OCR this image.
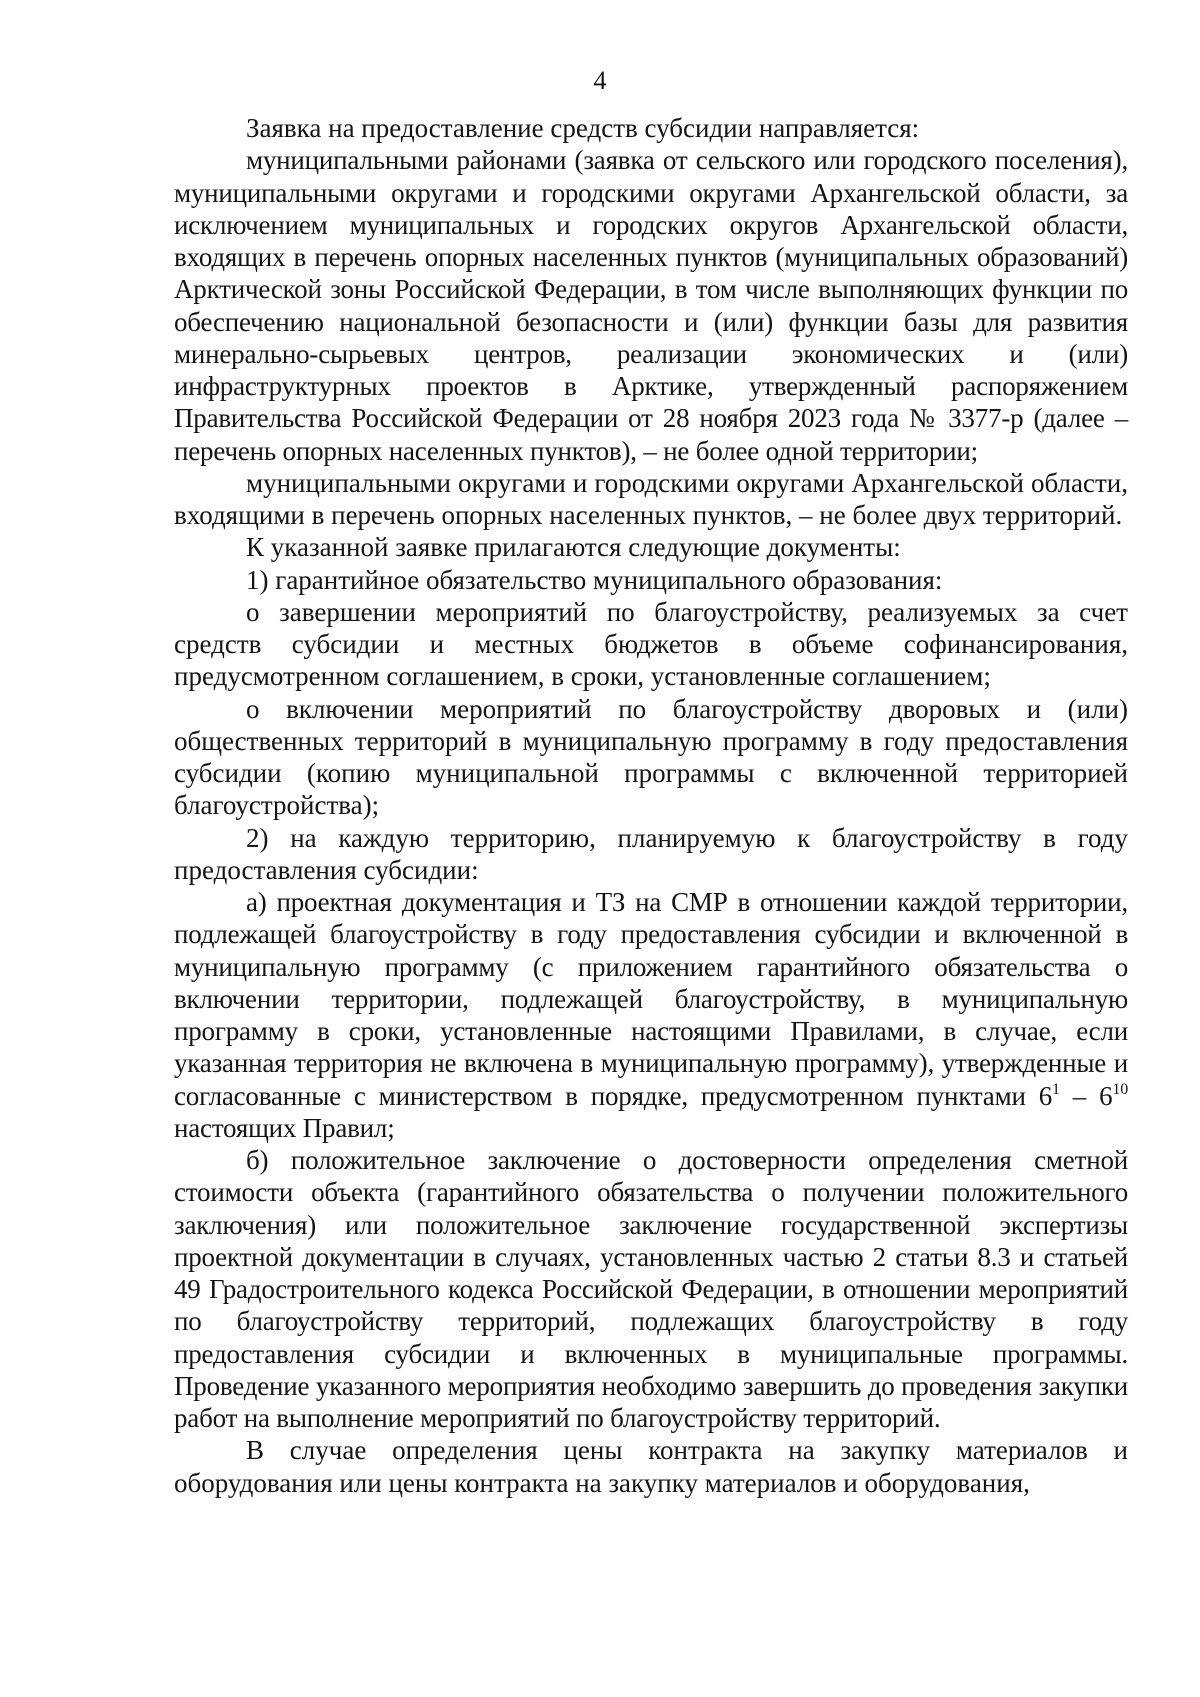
4

Заявка на предоставление средств субсидии направляется:

муниципальными районами (заявка от сельского или городского поселения), муниципальными округами и городскими округами Архангельской области, за исключением муниципальных и городских округов Архангельской области, входящих в перечень опорных населенных пунктов (муниципальных образований) Арктической зоны Российской Федерации, в том числе выполняющих функции по обеспечению национальной безопасности и (или) функции базы для развития минерально-сырьевых центров, реализации экономических и (или) инфраструктурных проектов в Арктике, утвержденный распоряжением Правительства Российской Федерации от 28 ноября 2023 года № 3377-р (далее – перечень опорных населенных пунктов), – не более одной территории;

муниципальными округами и городскими округами Архангельской области, входящими в перечень опорных населенных пунктов, – не более двух территорий.

К указанной заявке прилагаются следующие документы:

1) гарантийное обязательство муниципального образования:

о завершении мероприятий по благоустройству, реализуемых за счет средств субсидии и местных бюджетов в объеме софинансирования, предусмотренном соглашением, в сроки, установленные соглашением;

о включении мероприятий по благоустройству дворовых и (или) общественных территорий в муниципальную программу в году предоставления субсидии (копию муниципальной программы с включенной территорией благоустройства);

2) на каждую территорию, планируемую к благоустройству в году предоставления субсидии:

а) проектная документация и ТЗ на СМР в отношении каждой территории, подлежащей благоустройству в году предоставления субсидии и включенной в муниципальную программу (с приложением гарантийного обязательства о включении территории, подлежащей благоустройству, в муниципальную программу в сроки, установленные настоящими Правилами, в случае, если указанная территория не включена в муниципальную программу), утвержденные и согласованные с министерством в порядке, предусмотренном пунктами $6^1 - 6^{10}$ настоящих Правил;

б) положительное заключение о достоверности определения сметной стоимости объекта (гарантийного обязательства о получении положительного заключения) или положительное заключение государственной экспертизы проектной документации в случаях, установленных частью 2 статьи 8.3 и статьей 49 Градостроительного кодекса Российской Федерации, в отношении мероприятий по благоустройству территорий, подлежащих благоустройству в году предоставления субсидии и включенных в муниципальные программы. Проведение указанного мероприятия необходимо завершить до проведения закупки работ на выполнение мероприятий по благоустройству территорий.

В случае определения цены контракта на закупку материалов и оборудования или цены контракта на закупку материалов и оборудования,
